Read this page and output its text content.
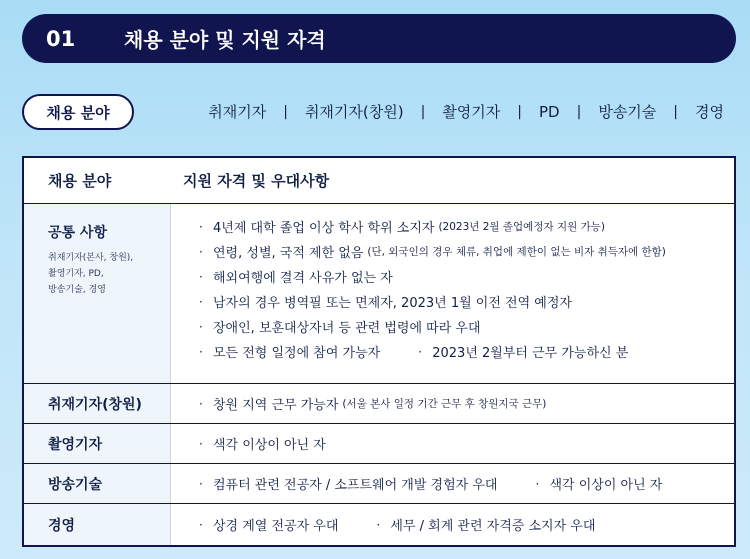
01	채용 분야 및 지원 자격
채용 분야	취재기자 | 취재기자(창원) | 촬영기자 | PD | 방송기술 | 경영
채용 분야	지원 자격 및 우대사항
공통 사항
취재기자(본사, 창원),
촬영기자, PD,
방송기술, 경영
· 4년제 대학 졸업 이상 학사 학위 소지자 (2023년 2월 졸업예정자 지원 가능)
· 연령, 성별, 국적 제한 없음 (단, 외국인의 경우 체류, 취업에 제한이 없는 비자 취득자에 한함)
· 해외여행에 결격 사유가 없는 자
· 남자의 경우 병역필 또는 면제자, 2023년 1월 이전 전역 예정자
· 장애인, 보훈대상자녀 등 관련 법령에 따라 우대
· 모든 전형 일정에 참여 가능자	· 2023년 2월부터 근무 가능하신 분
취재기자(창원)	· 창원 지역 근무 가능자 (서울 본사 일정 기간 근무 후 창원지국 근무)
촬영기자	· 색각 이상이 아닌 자
방송기술	· 컴퓨터 관련 전공자 / 소프트웨어 개발 경험자 우대	· 색각 이상이 아닌 자
경영	· 상경 계열 전공자 우대	· 세무 / 회계 관련 자격증 소지자 우대
